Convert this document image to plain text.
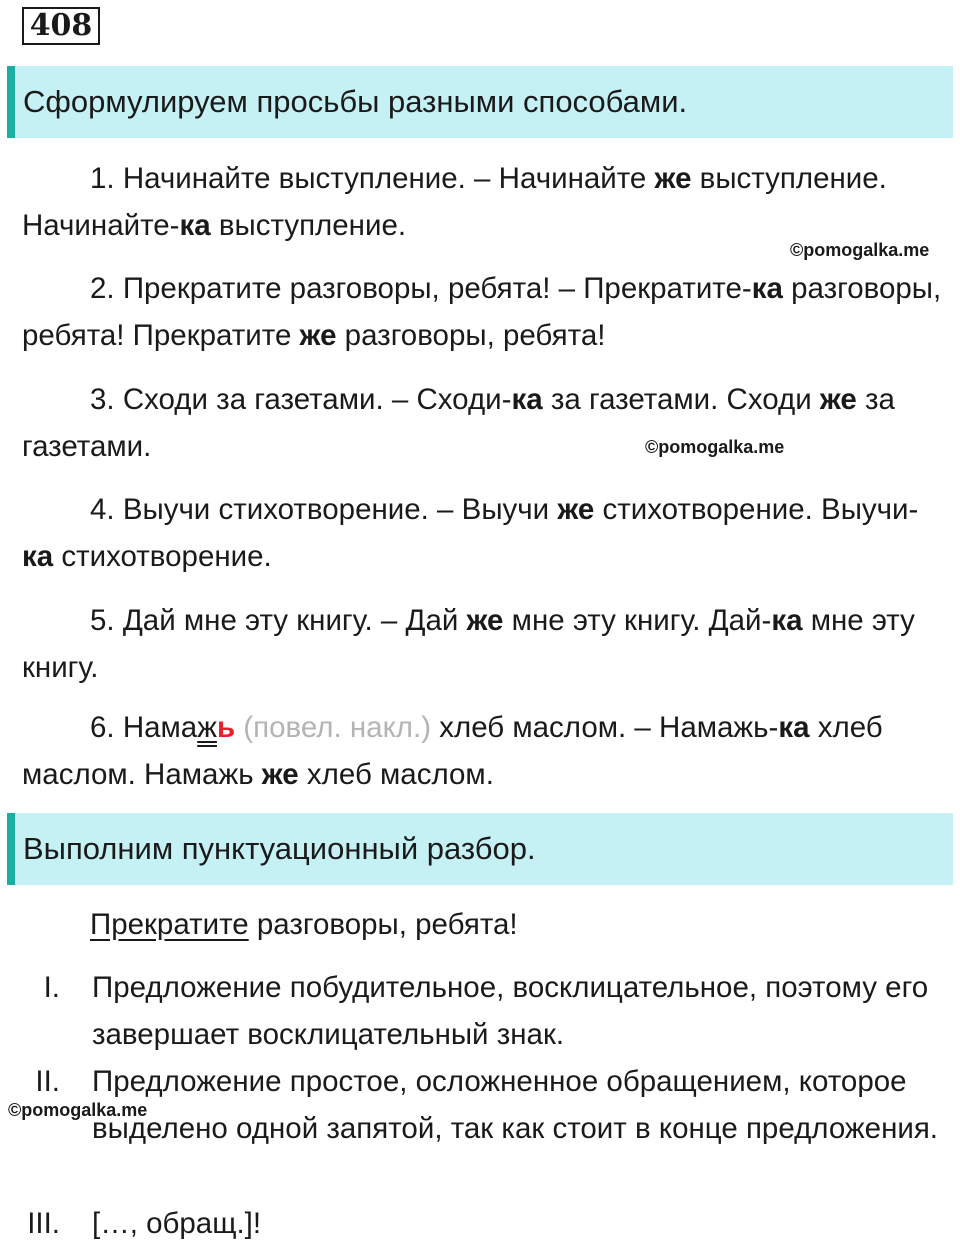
408
Сформулируем просьбы разными способами.

1. Начинайте выступление. – Начинайте же выступление. Начинайте-ка выступление.

©pomogalka.me

2. Прекратите разговоры, ребята! – Прекратите-ка разговоры, ребята! Прекратите же разговоры, ребята!

3. Сходи за газетами. – Сходи-ка за газетами. Сходи же за газетами.	©pomogalka.me

4. Выучи стихотворение. – Выучи же стихотворение. Выучи-ка стихотворение.

5. Дай мне эту книгу. – Дай же мне эту книгу. Дай-ка мне эту книгу.

6. Намажь (повел. накл.) хлеб маслом. – Намажь-ка хлеб маслом. Намажь же хлеб маслом.

Выполним пунктуационный разбор.

Прекратите разговоры, ребята!

I. Предложение побудительное, восклицательное, поэтому его завершает восклицательный знак.
II. Предложение простое, осложненное обращением, которое выделено одной запятой, так как стоит в конце предложения.
©pomogalka.me
III. […, обращ.]!
